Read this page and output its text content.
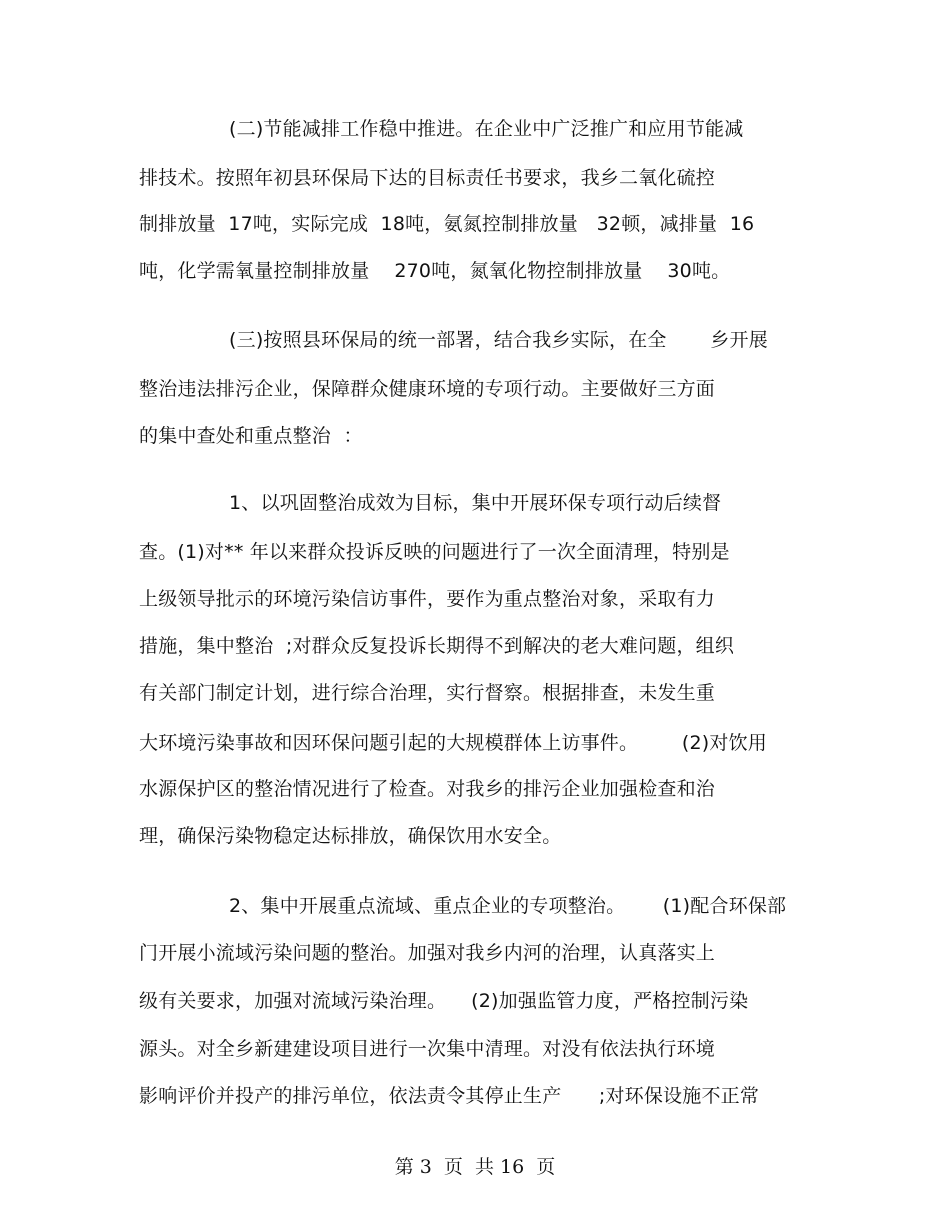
(二)节能减排工作稳中推进。在企业中广泛推广和应用节能减
排技术。按照年初县环保局下达的目标责任书要求，我乡二氧化硫控
制排放量  17吨，实际完成  18吨，氨氮控制排放量   32顿，减排量  16
吨，化学需氧量控制排放量    270吨，氮氧化物控制排放量    30吨。
(三)按照县环保局的统一部署，结合我乡实际，在全       乡开展
整治违法排污企业，保障群众健康环境的专项行动。主要做好三方面
的集中查处和重点整治  ：
1、以巩固整治成效为目标，集中开展环保专项行动后续督
查。(1)对** 年以来群众投诉反映的问题进行了一次全面清理，特别是
上级领导批示的环境污染信访事件，要作为重点整治对象，采取有力
措施，集中整治  ;对群众反复投诉长期得不到解决的老大难问题，组织
有关部门制定计划，进行综合治理，实行督察。根据排查，未发生重
大环境污染事故和因环保问题引起的大规模群体上访事件。       (2)对饮用
水源保护区的整治情况进行了检查。对我乡的排污企业加强检查和治
理，确保污染物稳定达标排放，确保饮用水安全。
2、集中开展重点流域、重点企业的专项整治。      (1)配合环保部
门开展小流域污染问题的整治。加强对我乡内河的治理，认真落实上
级有关要求，加强对流域污染治理。    (2)加强监管力度，严格控制污染
源头。对全乡新建建设项目进行一次集中清理。对没有依法执行环境
影响评价并投产的排污单位，依法责令其停止生产      ;对环保设施不正常
第 3  页  共 16  页
